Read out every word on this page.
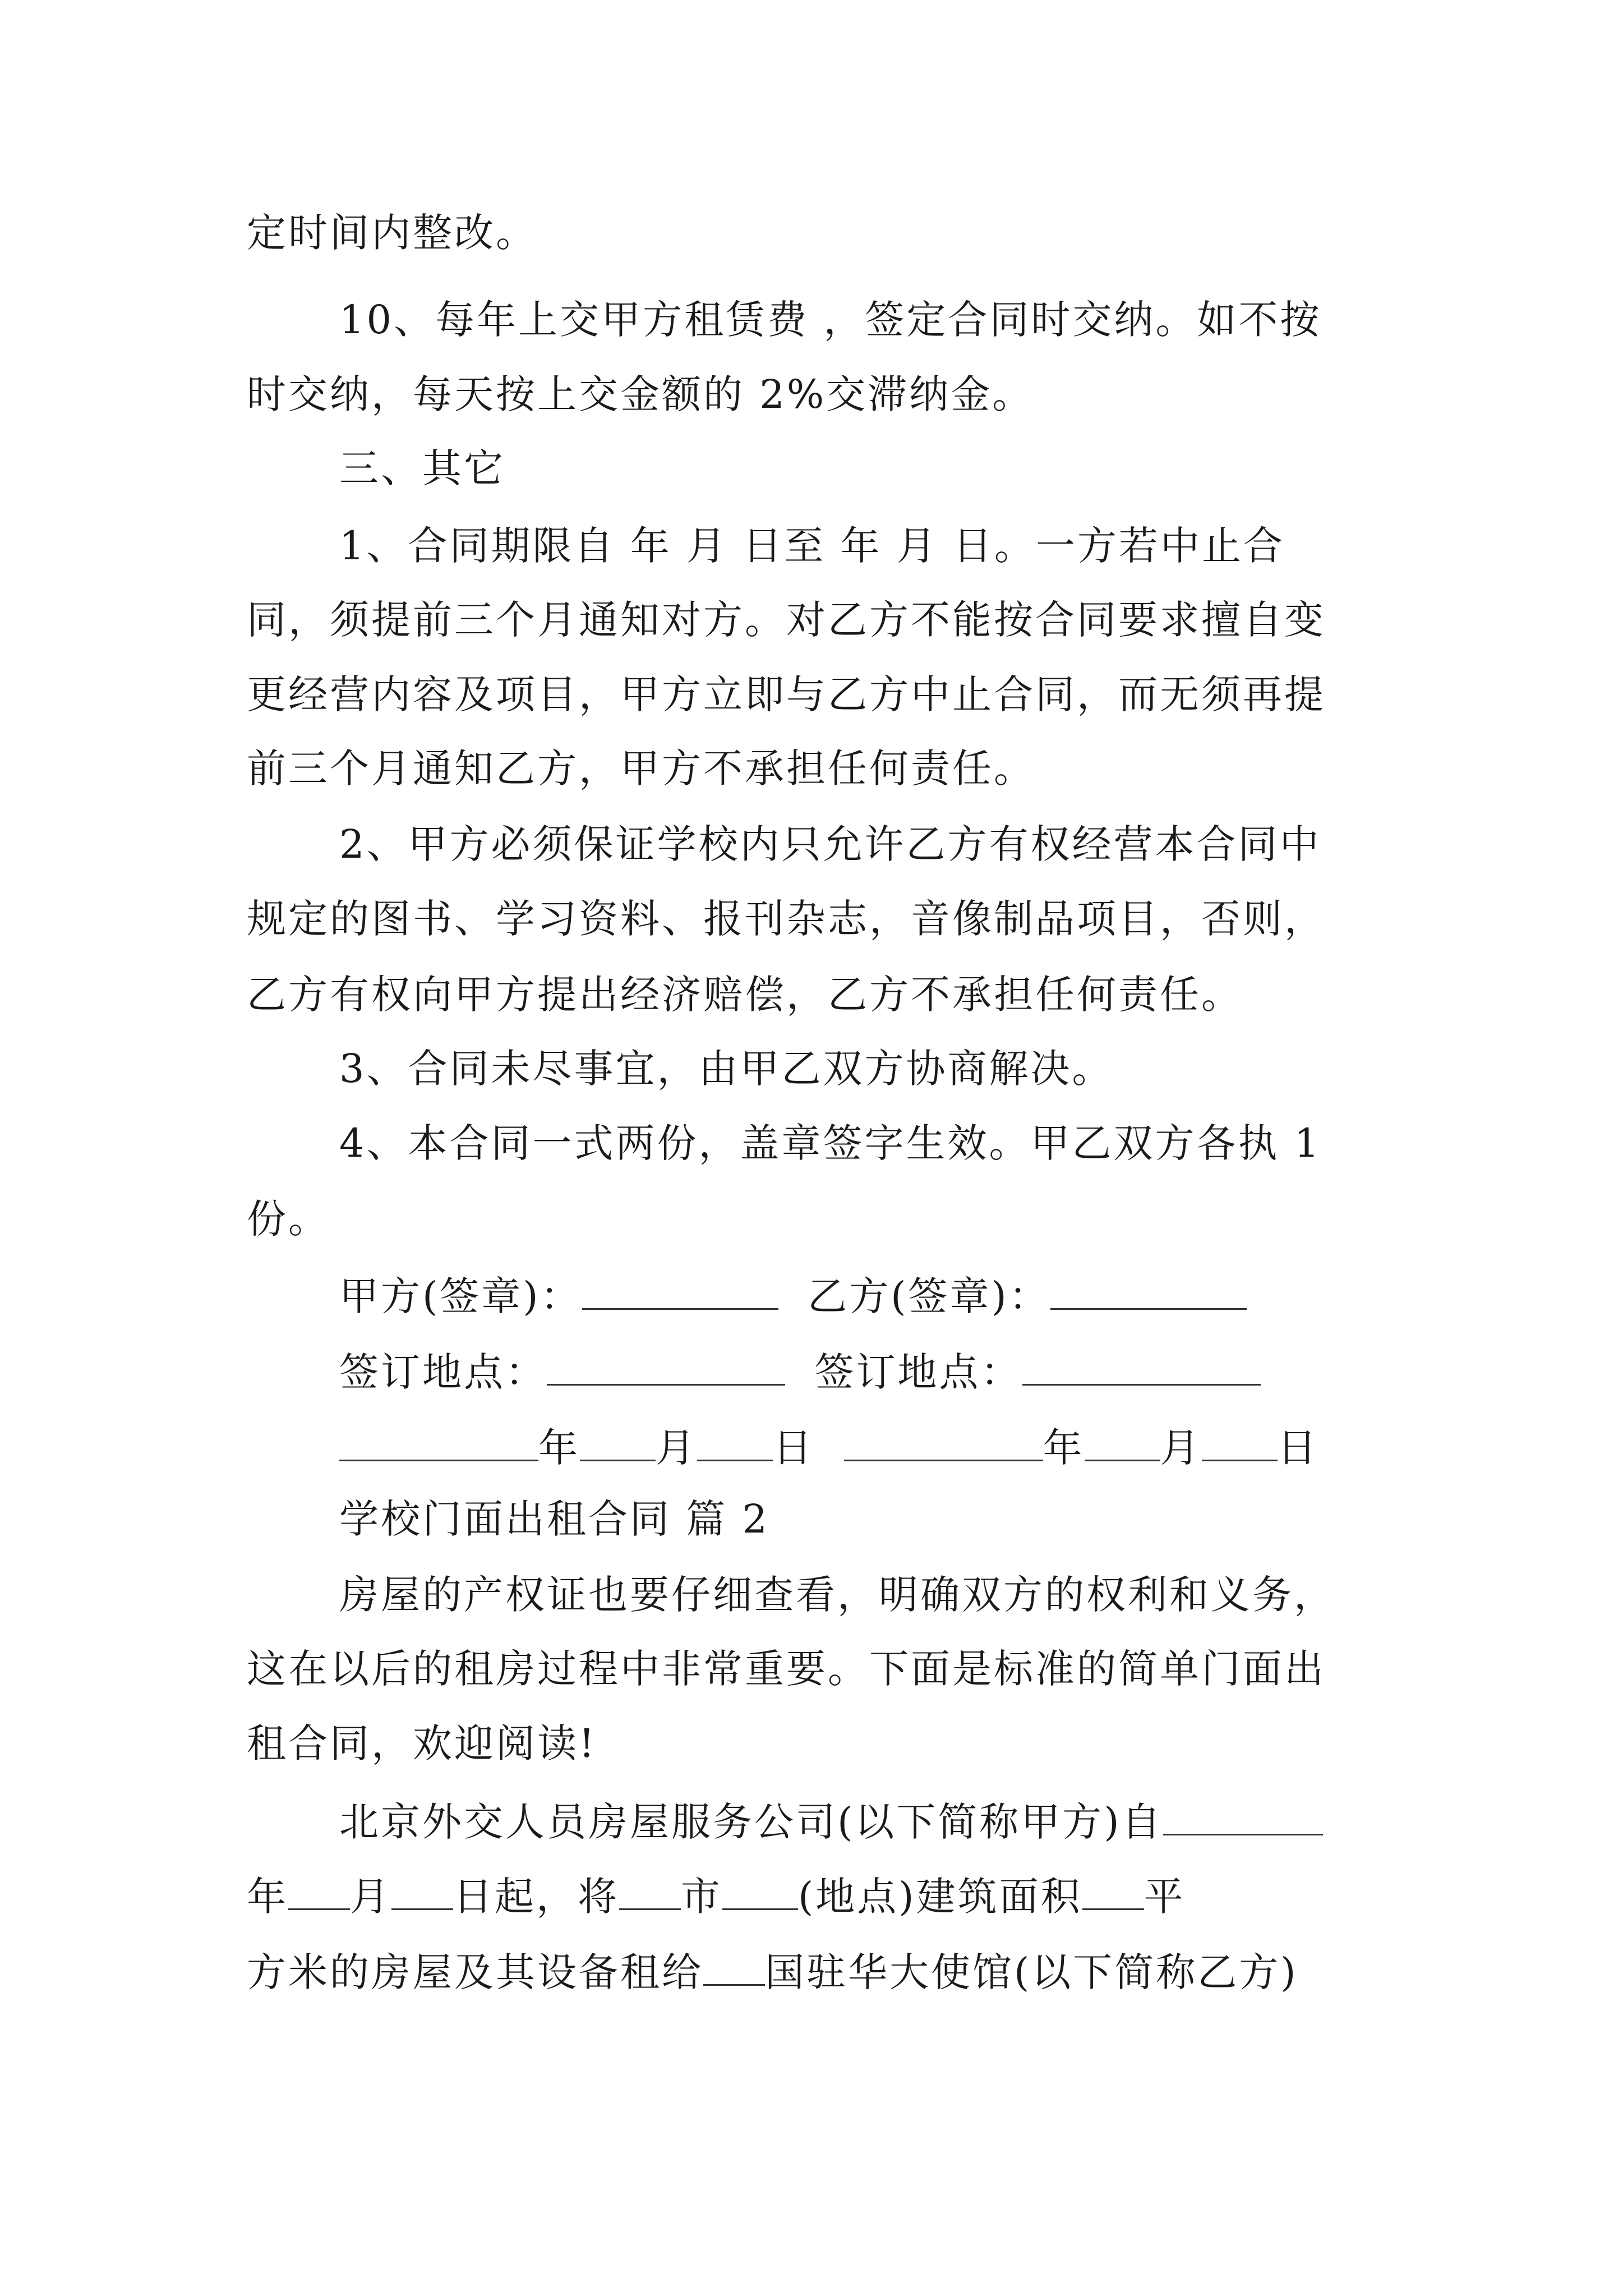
定时间内整改。
10、每年上交甲方租赁费 ，签定合同时交纳。如不按
时交纳，每天按上交金额的 2%交滞纳金。
三、其它
1、合同期限自 年 月 日至 年 月 日。一方若中止合
同，须提前三个月通知对方。对乙方不能按合同要求擅自变
更经营内容及项目，甲方立即与乙方中止合同，而无须再提
前三个月通知乙方，甲方不承担任何责任。
2、甲方必须保证学校内只允许乙方有权经营本合同中
规定的图书、学习资料、报刊杂志，音像制品项目，否则，
乙方有权向甲方提出经济赔偿，乙方不承担任何责任。
3、合同未尽事宜，由甲乙双方协商解决。
4、本合同一式两份，盖章签字生效。甲乙双方各执 1
份。
甲方(签章)：	乙方(签章)：
签订地点：	签订地点：
年 月 日	年 月 日
学校门面出租合同 篇 2
房屋的产权证也要仔细查看，明确双方的权利和义务，
这在以后的租房过程中非常重要。下面是标准的简单门面出
租合同，欢迎阅读!
北京外交人员房屋服务公司(以下简称甲方)自
年 月 日起，将 市 (地点)建筑面积 平
方米的房屋及其设备租给 国驻华大使馆(以下简称乙方)
